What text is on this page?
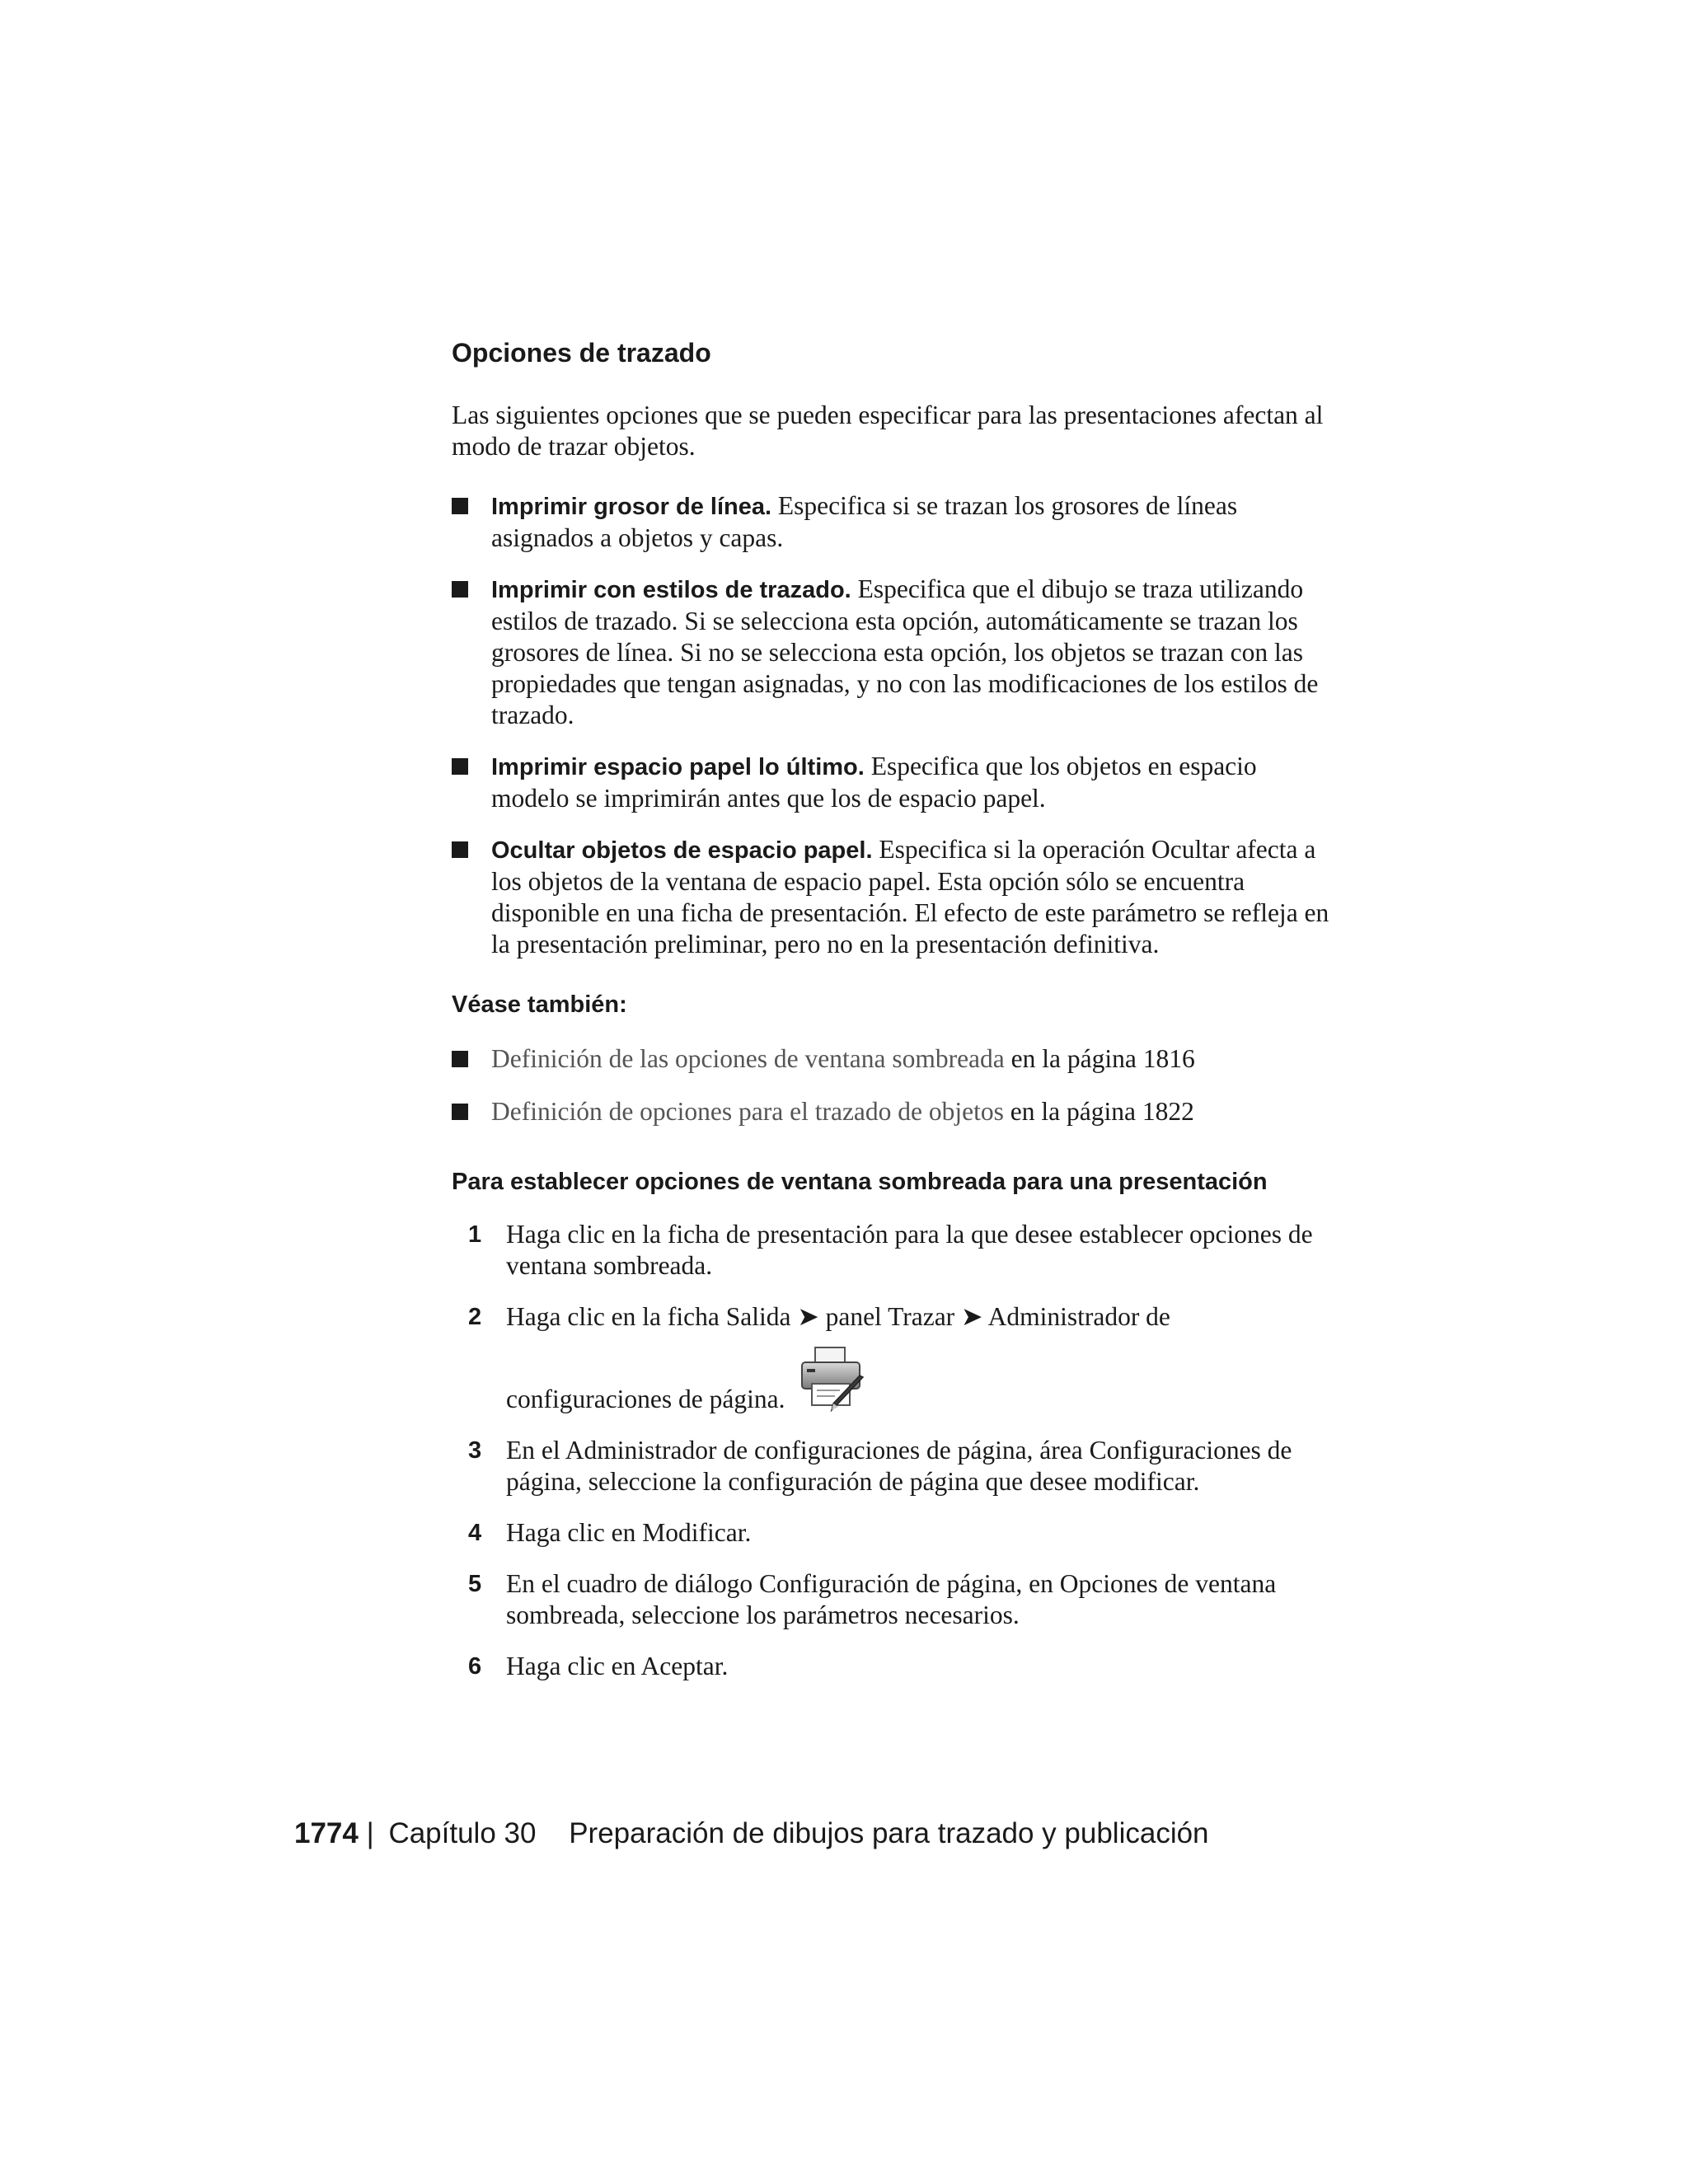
Opciones de trazado
Las siguientes opciones que se pueden especificar para las presentaciones afectan al modo de trazar objetos.
Imprimir grosor de línea. Especifica si se trazan los grosores de líneas asignados a objetos y capas.
Imprimir con estilos de trazado. Especifica que el dibujo se traza utilizando estilos de trazado. Si se selecciona esta opción, automáticamente se trazan los grosores de línea. Si no se selecciona esta opción, los objetos se trazan con las propiedades que tengan asignadas, y no con las modificaciones de los estilos de trazado.
Imprimir espacio papel lo último. Especifica que los objetos en espacio modelo se imprimirán antes que los de espacio papel.
Ocultar objetos de espacio papel. Especifica si la operación Ocultar afecta a los objetos de la ventana de espacio papel. Esta opción sólo se encuentra disponible en una ficha de presentación. El efecto de este parámetro se refleja en la presentación preliminar, pero no en la presentación definitiva.
Véase también:
Definición de las opciones de ventana sombreada en la página 1816
Definición de opciones para el trazado de objetos en la página 1822
Para establecer opciones de ventana sombreada para una presentación
1 Haga clic en la ficha de presentación para la que desee establecer opciones de ventana sombreada.
2 Haga clic en la ficha Salida ➤ panel Trazar ➤ Administrador de
configuraciones de página.
3 En el Administrador de configuraciones de página, área Configuraciones de página, seleccione la configuración de página que desee modificar.
4 Haga clic en Modificar.
5 En el cuadro de diálogo Configuración de página, en Opciones de ventana sombreada, seleccione los parámetros necesarios.
6 Haga clic en Aceptar.
1774 | Capítulo 30 Preparación de dibujos para trazado y publicación
